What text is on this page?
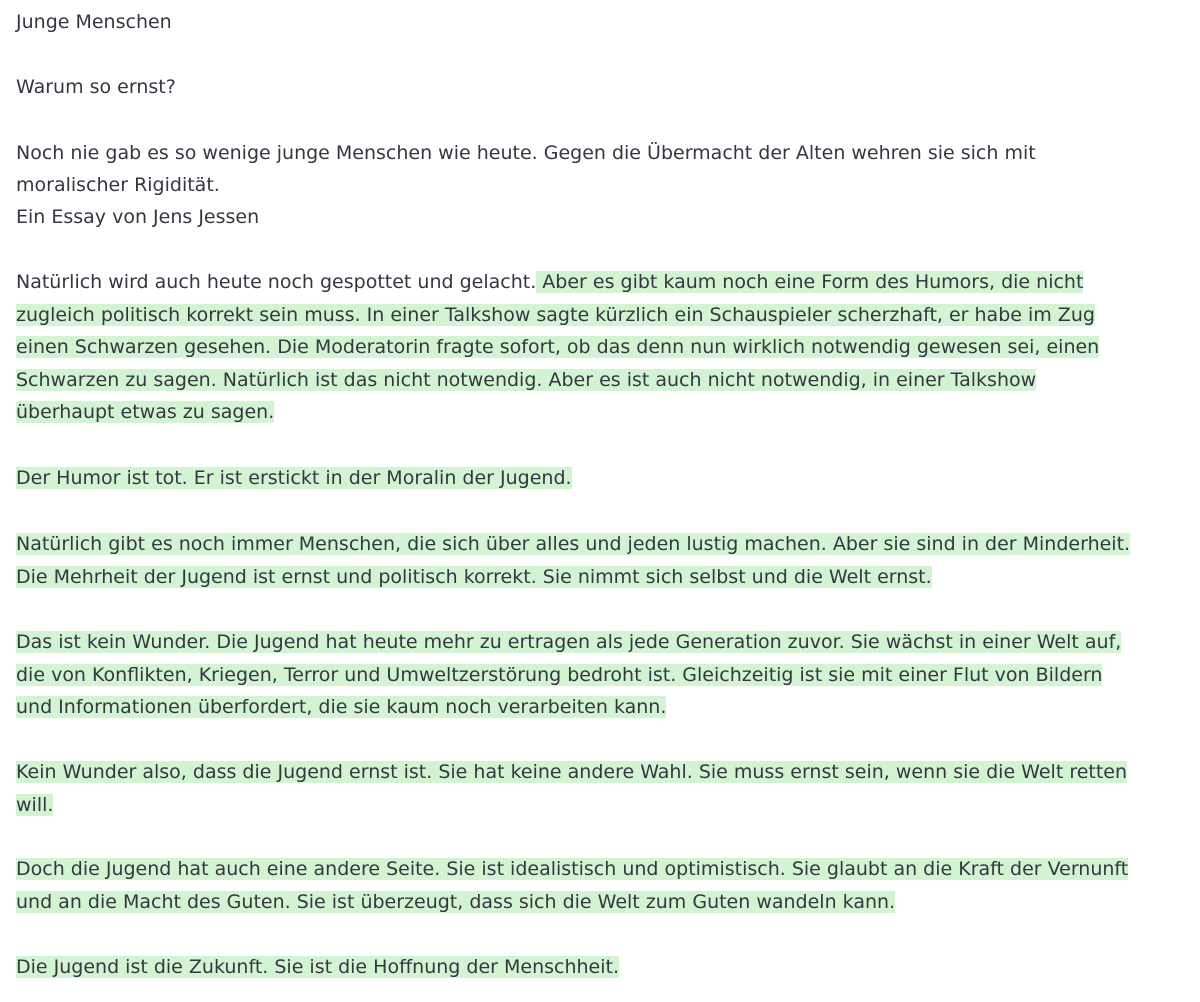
Junge Menschen
Warum so ernst?
Noch nie gab es so wenige junge Menschen wie heute. Gegen die Übermacht der Alten wehren sie sich mit
moralischer Rigidität.
Ein Essay von Jens Jessen
Natürlich wird auch heute noch gespottet und gelacht. Aber es gibt kaum noch eine Form des Humors, die nicht
zugleich politisch korrekt sein muss. In einer Talkshow sagte kürzlich ein Schauspieler scherzhaft, er habe im Zug
einen Schwarzen gesehen. Die Moderatorin fragte sofort, ob das denn nun wirklich notwendig gewesen sei, einen
Schwarzen zu sagen. Natürlich ist das nicht notwendig. Aber es ist auch nicht notwendig, in einer Talkshow
überhaupt etwas zu sagen.
Der Humor ist tot. Er ist erstickt in der Moralin der Jugend.
Natürlich gibt es noch immer Menschen, die sich über alles und jeden lustig machen. Aber sie sind in der Minderheit.
Die Mehrheit der Jugend ist ernst und politisch korrekt. Sie nimmt sich selbst und die Welt ernst.
Das ist kein Wunder. Die Jugend hat heute mehr zu ertragen als jede Generation zuvor. Sie wächst in einer Welt auf,
die von Konflikten, Kriegen, Terror und Umweltzerstörung bedroht ist. Gleichzeitig ist sie mit einer Flut von Bildern
und Informationen überfordert, die sie kaum noch verarbeiten kann.
Kein Wunder also, dass die Jugend ernst ist. Sie hat keine andere Wahl. Sie muss ernst sein, wenn sie die Welt retten
will.
Doch die Jugend hat auch eine andere Seite. Sie ist idealistisch und optimistisch. Sie glaubt an die Kraft der Vernunft
und an die Macht des Guten. Sie ist überzeugt, dass sich die Welt zum Guten wandeln kann.
Die Jugend ist die Zukunft. Sie ist die Hoffnung der Menschheit.
